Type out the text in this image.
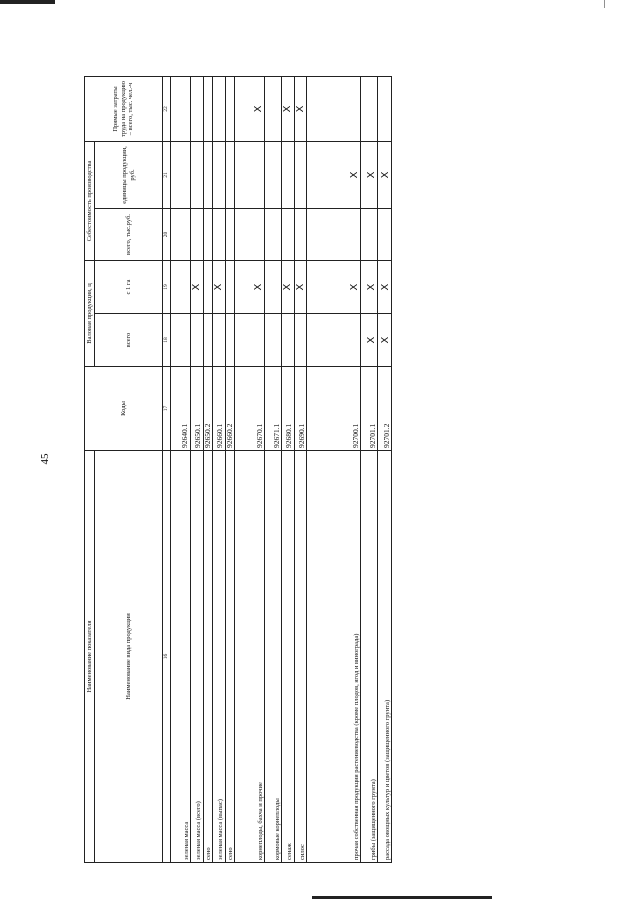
45
Наименование показателя	Коды	Валовая продукция, ц		Себестоимость производства		Прямые затраты труда на продукцию – всего, тыс. чел.-ч
Наименование вида продукции		всего	с 1 га	всего, тыс.руб.	единицы продукции, руб.	
16	17	18	19	20	21	22
зеленая масса	92640.1					
зеленая масса (всего)	92650.1		X			
сено	92650.2					
зеленая масса (выпас)	92660.1		X			
сено	92660.2					
корнеплоды, бахча и прочие	92670.1		X			X
кормовые корнеплоды	92671.1					
сенаж	92680.1		X			X
силос	92690.1		X			X
прочая собственная продукция растениеводства (кроме плодов, ягод и винограда)	92700.1		X		X	
грибы (защищенного грунта)	92701.1	X	X		X	
рассада овощных культур и цветов (защищенного грунта)	92701.2	X	X		X	
